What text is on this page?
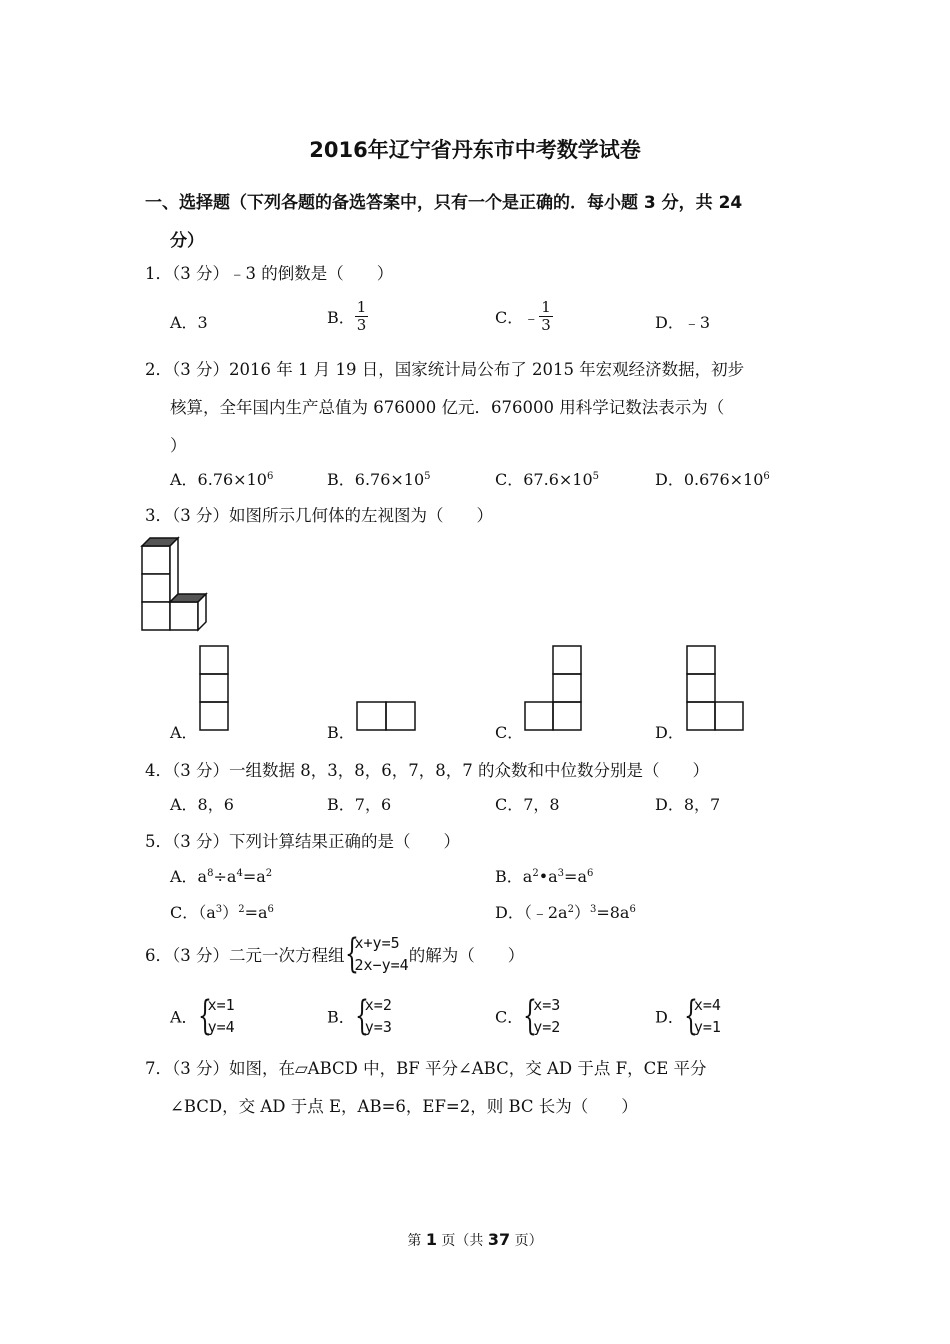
2016年辽宁省丹东市中考数学试卷
一、选择题（下列各题的备选答案中，只有一个是正确的．每小题 3 分，共 24
分）
1．（3 分）﹣3 的倒数是（　　）
A．3	B． $\frac{1}{3}$	C．﹣ $\frac{1}{3}$	D．﹣3
2．（3 分）2016 年 1 月 19 日，国家统计局公布了 2015 年宏观经济数据，初步
核算，全年国内生产总值为 676000 亿元．676000 用科学记数法表示为（
）
A．$6.76\times 10^6$	B．$6.76\times 10^5$	C．$67.6\times 10^5$	D．$0.676\times 10^6$
3．（3 分）如图所示几何体的左视图为（　　）
A．	B．	C．	D．
4．（3 分）一组数据 8，3，8，6，7，8，7 的众数和中位数分别是（　　）
A．8，6	B．7，6	C．7，8	D．8，7
5．（3 分）下列计算结果正确的是（　　）
A．$a^8\div a^4=a^2$	B．$a^2•a^3=a^6$
C．$(a^3)^2=a^6$	D．$(﹣2a^2)^3=8a^6$
6．（3 分）二元一次方程组 {
x+y=5
2x−y=4 的解为（　　）
A． {
x=1
y=4
B． {
x=2
y=3
C． {
x=3
y=2
D． {
x=4
y=1
7．（3 分）如图，在▱ABCD 中，BF 平分∠ABC，交 AD 于点 F，CE 平分
∠BCD，交 AD 于点 E，AB=6，EF=2，则 BC 长为（　　）
第 1 页（共 37 页）
